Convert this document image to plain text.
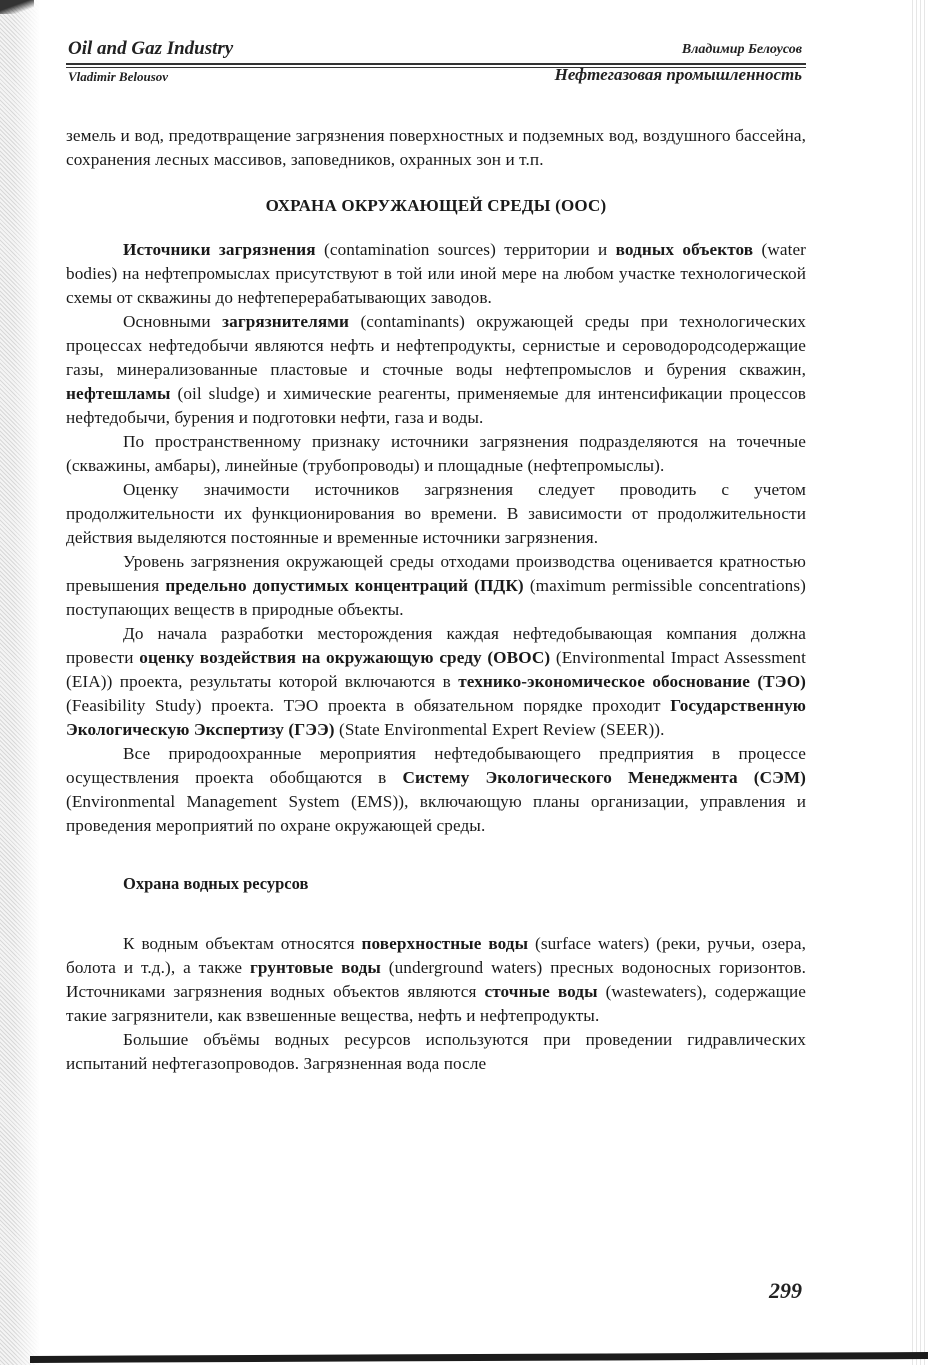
Oil and Gaz Industry	Владимир Белоусов
Vladimir Belousov	Нефтегазовая промышленность

земель и вод, предотвращение загрязнения поверхностных и подземных вод, воздушного бассейна, сохранения лесных массивов, заповедников, охранных зон и т.п.

ОХРАНА ОКРУЖАЮЩЕЙ СРЕДЫ (ООС)

Источники загрязнения (contamination sources) территории и водных объектов (water bodies) на нефтепромыслах присутствуют в той или иной мере на любом участке технологической схемы от скважины до нефтеперерабатывающих заводов.

Основными загрязнителями (contaminants) окружающей среды при технологических процессах нефтедобычи являются нефть и нефтепродукты, сернистые и сероводородсодержащие газы, минерализованные пластовые и сточные воды нефтепромыслов и бурения скважин, нефтешламы (oil sludge) и химические реагенты, применяемые для интенсификации процессов нефтедобычи, бурения и подготовки нефти, газа и воды.

По пространственному признаку источники загрязнения подразделяются на точечные (скважины, амбары), линейные (трубопроводы) и площадные (нефтепромыслы).

Оценку значимости источников загрязнения следует проводить с учетом продолжительности их функционирования во времени. В зависимости от продолжительности действия выделяются постоянные и временные источники загрязнения.

Уровень загрязнения окружающей среды отходами производства оценивается кратностью превышения предельно допустимых концентраций (ПДК) (maximum permissible concentrations) поступающих веществ в природные объекты.

До начала разработки месторождения каждая нефтедобывающая компания должна провести оценку воздействия на окружающую среду (ОВОС) (Environmental Impact Assessment (EIA)) проекта, результаты которой включаются в технико-экономическое обоснование (ТЭО) (Feasibility Study) проекта. ТЭО проекта в обязательном порядке проходит Государственную Экологическую Экспертизу (ГЭЭ) (State Environmental Expert Review (SEER)).

Все природоохранные мероприятия нефтедобывающего предприятия в процессе осуществления проекта обобщаются в Систему Экологического Менеджмента (СЭМ) (Environmental Management System (EMS)), включающую планы организации, управления и проведения мероприятий по охране окружающей среды.

Охрана водных ресурсов

К водным объектам относятся поверхностные воды (surface waters) (реки, ручьи, озера, болота и т.д.), а также грунтовые воды (underground waters) пресных водоносных горизонтов. Источниками загрязнения водных объектов являются сточные воды (wastewaters), содержащие такие загрязнители, как взвешенные вещества, нефть и нефтепродукты.

Большие объёмы водных ресурсов используются при проведении гидравлических испытаний нефтегазопроводов. Загрязненная вода после

299
